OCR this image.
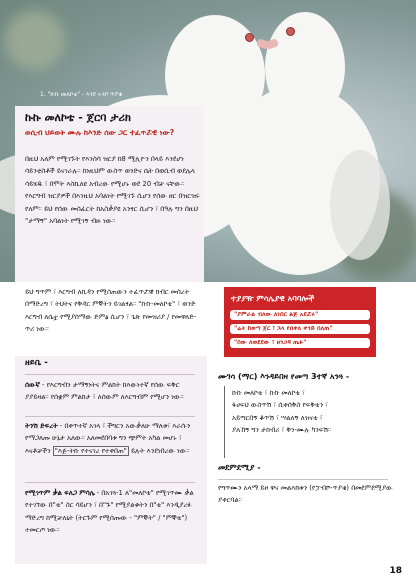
1. "ኩኩ መለኮቴ" - እንደ ኣንሶ ጥያቄ
ኩኩ መለኮቴ - ጀርባ ታሪክ
ወሲብ ህይወት ሙሉ ከእንድ ሰው ጋር ተፈጥሯዊ ነው?
በዚህ አለም የሚገኙት የእንስሳ ዝርያ ከ8 ሚሊዮን በላይ እንደሆነ ሳይንቲስቶች ይናገራሉ። ከነዚህም ውስጥ ወንድና ሴት በወሲብ ወደሌላ ሳይሄዱ ፣ በሞት እስኪለዩ አብረው የሚሆኑ ወደ 20 ብቻ ናቸው። የእርግብ ዝርያዎች በእንዚህ አባልነት የሚገኙ ሲሆን የሰው ዘር በዝርዝሩ የለም። ይህ የሰው መስፈርት ከአስቃያዩ አንፃር ሲሆን ፣ በዓሉ ግን በዚህ "ታማኝ" አባልነት የሚገኝ ብዙ ነው።
ይህ ግጥም ፣ እርግብ ለኪዳን የሚሰጠውን ተፈጥሯዊ ክብር መሰረት በማድረግ ፣ ትህትና የቅዳር ምኞትን ይገልፃል። "ኩኩ-መለኮቴ" ፣ ወንድ እርግብ ለሴቷ የሚያሰማው ድምፅ ሲሆን ፣ ጌጽ የመዝሪያ / የመዋለድ-ጥሪ ነው።
ዘይቤ -
ሰውኛ - የእርግብን ታማኝነትና ምልክት ከእውነተኛ የሰው ፍቅር ያያይዛል። የሰቋም ምልክታ ፣ ለሰውም ለእርግብም የሚሆን ነው።
ትንሽ ድፍረት - በቀጥተኛ አገላ ፣ ችግርን አውቃለሁ ማለቱ፣ እራሱን የማጋለጡ ሁኔታ አለው። አለመደበባቱ ግን ጭምት አካል መሆኑ ፣ እናቶቻችን "እጅ-ትኩ የተናገረ የተቀበጠ" ይሉት እንደነበረው ነው።
የሚገጥም ቃል ፍለጋ ምሳሌ - በአገጓ-1 ለ"መለኮቴ" የሚገጥሙ ቃል የተገኘው በ"ቴ" ስር ሳይሆን ፣ በ"ጉ" የሚያልቁትን በ"ቴ" እንዲያረፉ ማድረግ ከሚቻለኒት (ትርጉም የሚሰጡው - "ምኞት" / "ምኞቴ") ተመርጦ ነው።
ተያያዥ ምሳሌያዊ አባባሎች
"ያምራል ብለው ለነሰር ልጅ አደሯሩ"
"ሬት ከወጣ ጀር ፣ ኋላ የበቀለ ቀንድ በለጠ"
"ሰው ለወደደው ፣ ዘንጋዳ ጤፉ"
ሙገሳ (ማር) እንዳይበዛ የመጣ 3ተኛ አንጓ -
ኩኩ መለኮቴ ፣ ኩኩ መለኮቴ ፣
ፋሀፍህ ውስጥሽ ፣ ሲቀሰቅስ የፍቅቴን ፣
አይጣርበኝ ቆጥሽ ፣ ሣልለኝ ለዝናቴ ፣
ያለኸኝ ግን ታከብሪ ፣ ቅን-ሙሉ ካንፍሽ።
መደምደሚያ -
የግጥሙን አላማ ይዞ ዋና መልእክቱን (የፓብሾ-ጥያቄ) በመደምደሚያው ያቀርባል።
18
